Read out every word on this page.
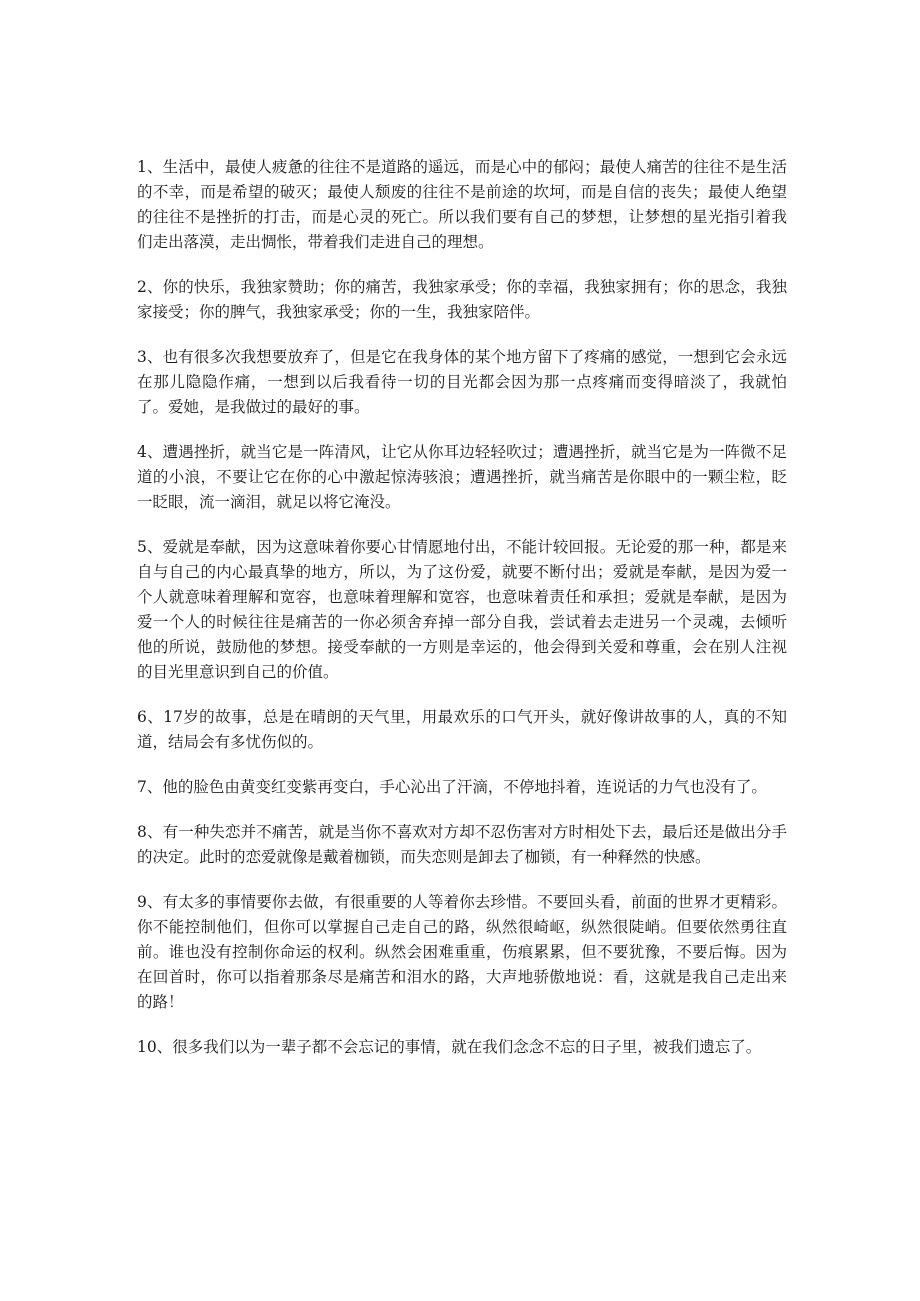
1、生活中，最使人疲惫的往往不是道路的遥远，而是心中的郁闷；最使人痛苦的往往不是生活的不幸，而是希望的破灭；最使人颓废的往往不是前途的坎坷，而是自信的丧失；最使人绝望的往往不是挫折的打击，而是心灵的死亡。所以我们要有自己的梦想，让梦想的星光指引着我们走出落漠，走出惆怅，带着我们走进自己的理想。

2、你的快乐，我独家赞助；你的痛苦，我独家承受；你的幸福，我独家拥有；你的思念，我独家接受；你的脾气，我独家承受；你的一生，我独家陪伴。

3、也有很多次我想要放弃了，但是它在我身体的某个地方留下了疼痛的感觉，一想到它会永远在那儿隐隐作痛，一想到以后我看待一切的目光都会因为那一点疼痛而变得暗淡了，我就怕了。爱她，是我做过的最好的事。

4、遭遇挫折，就当它是一阵清风，让它从你耳边轻轻吹过；遭遇挫折，就当它是为一阵微不足道的小浪，不要让它在你的心中激起惊涛骇浪；遭遇挫折，就当痛苦是你眼中的一颗尘粒，眨一眨眼，流一滴泪，就足以将它淹没。

5、爱就是奉献，因为这意味着你要心甘情愿地付出，不能计较回报。无论爱的那一种，都是来自与自己的内心最真挚的地方，所以，为了这份爱，就要不断付出；爱就是奉献，是因为爱一个人就意味着理解和宽容，也意味着理解和宽容，也意味着责任和承担；爱就是奉献，是因为爱一个人的时候往往是痛苦的一你必须舍弃掉一部分自我，尝试着去走进另一个灵魂，去倾听他的所说，鼓励他的梦想。接受奉献的一方则是幸运的，他会得到关爱和尊重，会在别人注视的目光里意识到自己的价值。

6、17岁的故事，总是在晴朗的天气里，用最欢乐的口气开头，就好像讲故事的人，真的不知道，结局会有多忧伤似的。

7、他的脸色由黄变红变紫再变白，手心沁出了汗滴，不停地抖着，连说话的力气也没有了。

8、有一种失恋并不痛苦，就是当你不喜欢对方却不忍伤害对方时相处下去，最后还是做出分手的决定。此时的恋爱就像是戴着枷锁，而失恋则是卸去了枷锁，有一种释然的快感。

9、有太多的事情要你去做，有很重要的人等着你去珍惜。不要回头看，前面的世界才更精彩。你不能控制他们，但你可以掌握自己走自己的路，纵然很崎岖，纵然很陡峭。但要依然勇往直前。谁也没有控制你命运的权利。纵然会困难重重，伤痕累累，但不要犹豫，不要后悔。因为在回首时，你可以指着那条尽是痛苦和泪水的路，大声地骄傲地说：看，这就是我自己走出来的路！

10、很多我们以为一辈子都不会忘记的事情，就在我们念念不忘的日子里，被我们遗忘了。
